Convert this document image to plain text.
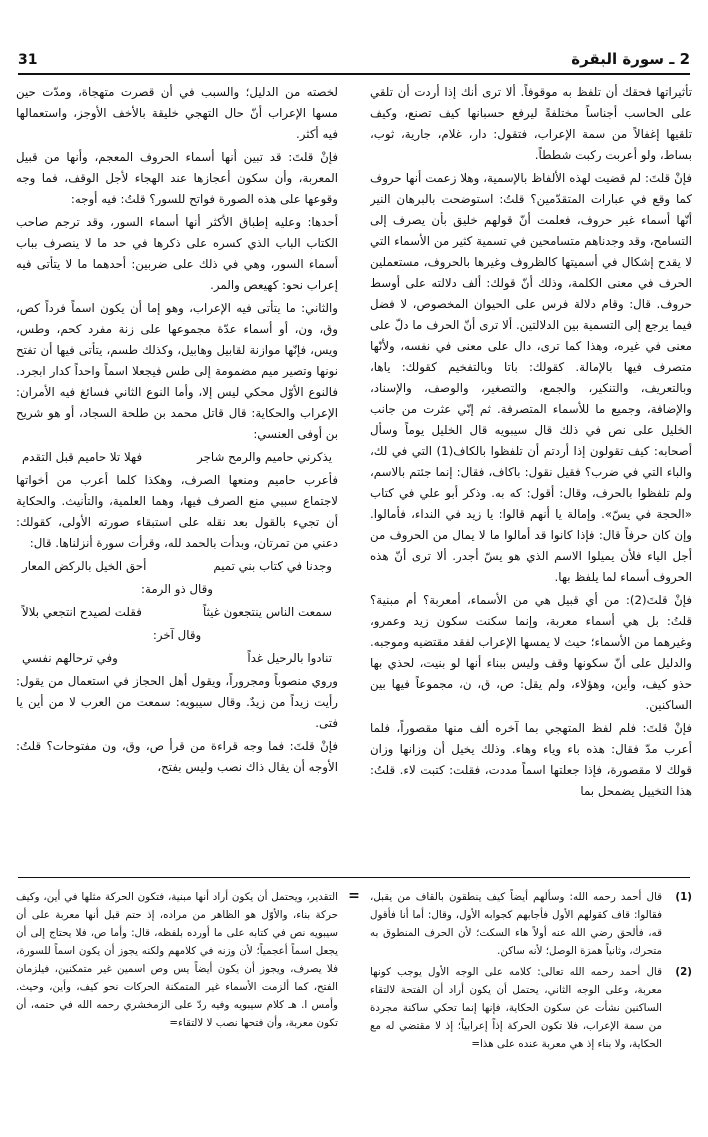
31	2 ـ سورة البقرة

تأثيراتها فحقك أن تلفظ به موقوفاً. ألا ترى أنك إذا أردت أن تلقي على الحاسب أجناساً مختلفةً ليرفع حسبانها كيف تصنع، وكيف تلقيها إغفالاً من سمة الإعراب، فتقول: دار، غلام، جارية، ثوب، بساط، ولو أعربت ركبت شططاً.

فإنْ قلتَ: لم قضيت لهذه الألفاظ بالإسمية، وهلا زعمت أنها حروف كما وقع في عبارات المتقدّمين؟ قلتُ: استوضحت بالبرهان النير أنّها أسماء غير حروف، فعلمت أنّ قولهم خليق بأن يصرف إلى التسامح، وقد وجدناهم متسامحين في تسمية كثير من الأسماء التي لا يقدح إشكال في أسميتها كالظروف وغيرها بالحروف، مستعملين الحرف في معنى الكلمة، وذلك أنّ قولك: ألف دلالته على أوسط حروف. قال: وقام دلالة فرس على الحيوان المخصوص، لا فضل فيما يرجع إلى التسمية بين الدلالتين. ألا ترى أنّ الحرف ما دلّ على معنى في غيره، وهذا كما ترى، دال على معنى في نفسه، ولأنّها متصرف فيها بالإمالة. كقولك: باتا وبالتفخيم كقولك: ياها، وبالتعريف، والتنكير، والجمع، والتصغير، والوصف، والإسناد، والإضافة، وجميع ما للأسماء المتصرفة. ثم إنّي عثرت من جانب الخليل على نص في ذلك قال سيبويه قال الخليل يوماً وسأل أصحابه: كيف تقولون إذا أردتم أن تلفظوا بالكاف(1) التي في لك، والباء التي في ضرب؟ فقيل نقول: باكاف، فقال: إنما جئتم بالاسم، ولم تلفظوا بالحرف، وقال: أقول: كه به. وذكر أبو علي في كتاب «الحجة في يسّ». وإمالة يا أنهم قالوا: يا زيد في النداء، فأمالوا. وإن كان حرفاً قال: فإذا كانوا قد أمالوا ما لا يمال من الحروف من أجل الياء فلأن يميلوا الاسم الذي هو يسّ أجدر. ألا ترى أنّ هذه الحروف أسماء لما يلفظ بها.

فإنْ قلتَ(2): من أي قبيل هي من الأسماء، أمعربة؟ أم مبنية؟ قلتُ: بل هي أسماء معربة، وإنما سكنت سكون زيد وعمرو، وغيرهما من الأسماء؛ حيث لا يمسها الإعراب لفقد مقتضيه وموجبه. والدليل على أنّ سكونها وقف وليس ببناء أنها لو بنيت، لحذي بها حذو كيف، وأين، وهؤلاء، ولم يقل: ص، ق، ن، مجموعاً فيها بين الساكنين.

فإنْ قلتَ: فلم لفظ المتهجي بما آخره ألف منها مقصوراً، فلما أعرب مدّ فقال: هذه باء وياء وهاء. وذلك يخيل أن وزانها وزان قولك لا مقصورة، فإذا جعلتها اسماً مددت، فقلت: كتبت لاء. قلتُ: هذا التخييل يضمحل بما

لخصته من الدليل؛ والسبب في أن قصرت متهجاة، ومدّت حين مسها الإعراب أنّ حال التهجي خليقة بالأخف الأوجز، واستعمالها فيه أكثر.

فإنْ قلتَ: قد تبين أنها أسماء الحروف المعجم، وأنها من قبيل المعربة، وأن سكون أعجازها عند الهجاء لأجل الوقف، فما وجه وقوعها على هذه الصورة فواتح للسور؟ قلتُ: فيه أوجه:

أحدها: وعليه إطباق الأكثر أنها أسماء السور، وقد ترجم صاحب الكتاب الباب الذي كسره على ذكرها في حد ما لا ينصرف بباب أسماء السور، وهي في ذلك على ضربين: أحدهما ما لا يتأتى فيه إعراب نحو: كهيعص والمر.

والثاني: ما يتأتى فيه الإعراب، وهو إما أن يكون اسماً فرداً كص، وق، ون، أو أسماء عدّة مجموعها على زنة مفرد كحم، وطس، ويس، فإنّها موازنة لقابيل وهابيل، وكذلك طسم، يتأتى فيها أن تفتح نونها وتصير ميم مضمومة إلى طس فيجعلا اسماً واحداً كدار ابجرد. فالنوع الأوّل محكي ليس إلا، وأما النوع الثاني فسائغ فيه الأمران: الإعراب والحكاية: قال قاتل محمد بن طلحة السجاد، أو هو شريح بن أوفى العنسي:

يذكرني حاميم والرمح شاجر
فهلا تلا حاميم قبل التقدم

فأعرب حاميم ومنعها الصرف، وهكذا كلما أعرب من أخواتها لاجتماع سببي منع الصرف فيها، وهما العلمية، والتأنيث. والحكاية أن تجيء بالقول بعد نقله على استبقاء صورته الأولى، كقولك: دعني من تمرتان، وبدأت بالحمد لله، وقرأت سورة أنزلناها. قال:

وجدنا في كتاب بني تميم
أحق الخيل بالركض المعار

وقال ذو الرمة:

سمعت الناس ينتجعون غيثاً
فقلت لصيدح انتجعي بلالاً

وقال آخر:

تنادوا بالرحيل غداً
وفي ترحالهم نفسي

وروي منصوباً ومجروراً، ويقول أهل الحجاز في استعمال من يقول: رأيت زيداً من زيدٌ. وقال سيبويه: سمعت من العرب لا من أين يا فتى.

فإنْ قلتَ: فما وجه قراءة من قرأ ص، وق، ون مفتوحات؟ قلتُ: الأوجه أن يقال ذاك نصب وليس بفتح،

(1)
قال أحمد رحمه الله: وسألهم أيضاً كيف ينطقون بالقاف من يقبل، فقالوا: قاف كقولهم الأول فأجابهم كجوابه الأول، وقال: أما أنا فأقول قه، فألحق رضي الله عنه أولاً هاء السكت؛ لأن الحرف المنطوق به متحرك، وثانياً همزة الوصل؛ لأنه ساكن.
(2)
قال أحمد رحمه الله تعالى: كلامه على الوجه الأول يوجب كونها معربة، وعلى الوجه الثاني، يحتمل أن يكون أراد أن الفتحة لالتقاء الساكنين نشأت عن سكون الحكاية، فإنها إنما تحكي ساكنة مجردة من سمة الإعراب، فلا تكون الحركة إذاً إعرابياً؛ إذ لا مقتضي له مع الحكاية، ولا بناء إذ هي معربة عنده على هذا=
=
التقدير، ويحتمل أن يكون أراد أنها مبنية، فتكون الحركة مثلها في أين، وكيف حركة بناء، والأوّل هو الظاهر من مراده، إذ حتم قبل أنها معربة على أن سيبويه نص في كتابه على ما أورده بلفظه، قال: وأما ص، فلا يحتاج إلى أن يجعل اسماً أعجمياً؛ لأن وزنه في كلامهم ولكنه يجوز أن يكون اسماً للسورة، فلا يصرف، ويجوز أن يكون أيضاً يس وص اسمين غير متمكنين، فيلزمان الفتح، كما ألزمت الأسماء غير المتمكنة الحركات نحو كيف، وأين، وحيث. وأمس ا. هـ كلام سيبويه وفيه ردّ على الزمخشري رحمه الله في حتمه، أن تكون معربة، وأن فتحها نصب لا لالتقاء=
